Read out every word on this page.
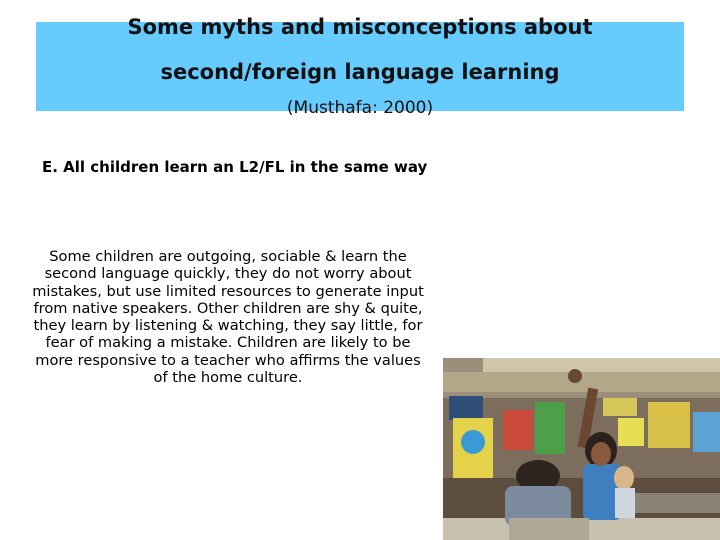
Some myths and misconceptions about
second/foreign language learning
(Musthafa: 2000)
E. All children learn an L2/FL in the same way
Some children are outgoing, sociable & learn the second language quickly, they do not worry about mistakes, but use limited resources to generate input from native speakers. Other children are shy & quite, they learn by listening & watching, they say little, for fear of making a mistake. Children are likely to be more responsive to a teacher who affirms the values of the home culture.
